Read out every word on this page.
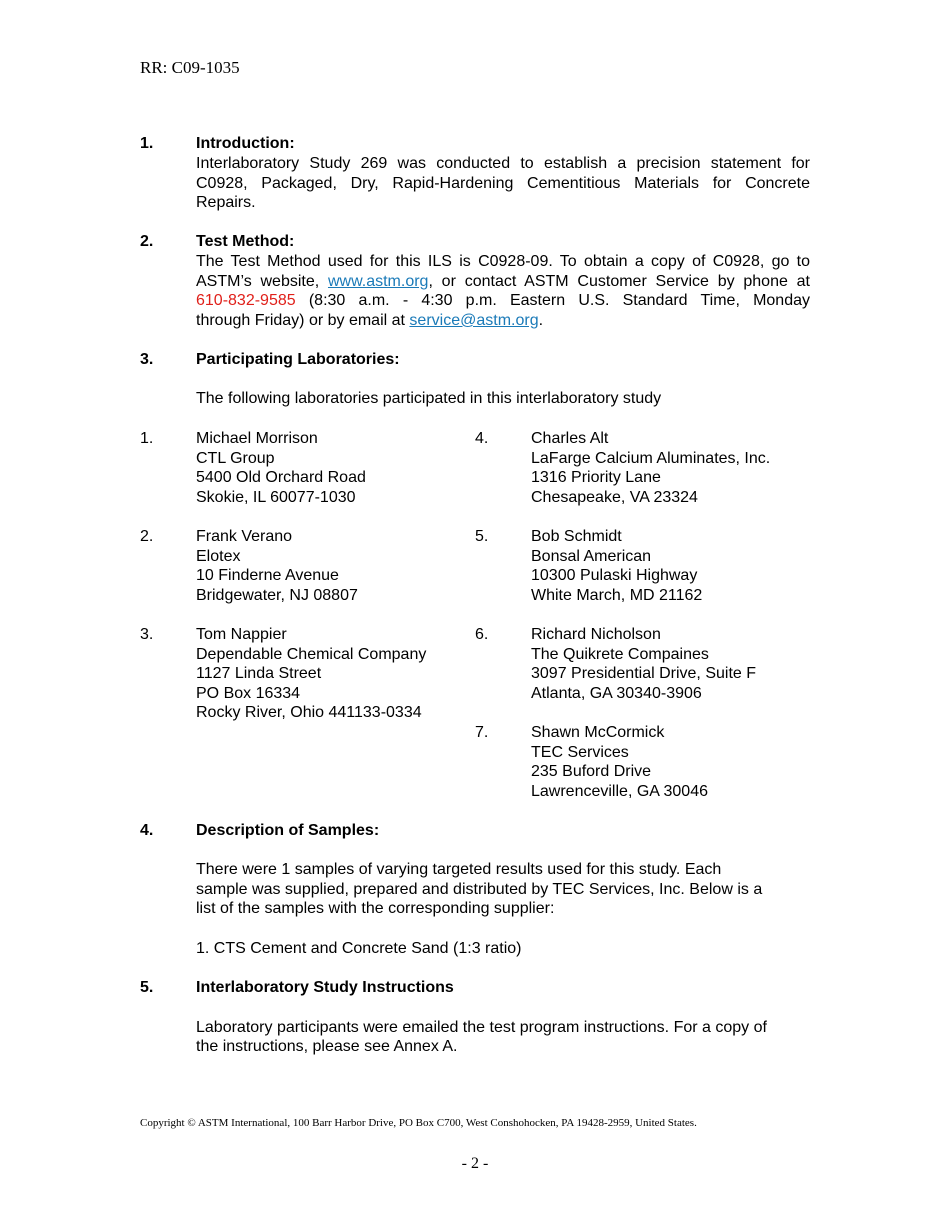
RR: C09-1035
1.	Introduction:
Interlaboratory Study 269 was conducted to establish a precision statement for
C0928, Packaged, Dry, Rapid-Hardening Cementitious Materials for Concrete
Repairs.
2.	Test Method:
The Test Method used for this ILS is C0928-09. To obtain a copy of C0928, go to
ASTM’s website, www.astm.org, or contact ASTM Customer Service by phone at
610-832-9585 (8:30 a.m. - 4:30 p.m. Eastern U.S. Standard Time, Monday
through Friday) or by email at service@astm.org.
3.	Participating Laboratories:
The following laboratories participated in this interlaboratory study
1.	Michael Morrison
CTL Group
5400 Old Orchard Road
Skokie, IL 60077-1030
2.	Frank Verano
Elotex
10 Finderne Avenue
Bridgewater, NJ 08807
3.	Tom Nappier
Dependable Chemical Company
1127 Linda Street
PO Box 16334
Rocky River, Ohio 441133-0334
4.	Charles Alt
LaFarge Calcium Aluminates, Inc.
1316 Priority Lane
Chesapeake, VA 23324
5.	Bob Schmidt
Bonsal American
10300 Pulaski Highway
White March, MD 21162
6.	Richard Nicholson
The Quikrete Compaines
3097 Presidential Drive, Suite F
Atlanta, GA 30340-3906
7.	Shawn McCormick
TEC Services
235 Buford Drive
Lawrenceville, GA 30046
4.	Description of Samples:
There were 1 samples of varying targeted results used for this study. Each
sample was supplied, prepared and distributed by TEC Services, Inc. Below is a
list of the samples with the corresponding supplier:
1. CTS Cement and Concrete Sand (1:3 ratio)
5.	Interlaboratory Study Instructions
Laboratory participants were emailed the test program instructions. For a copy of
the instructions, please see Annex A.
Copyright © ASTM International, 100 Barr Harbor Drive, PO Box C700, West Conshohocken, PA 19428-2959, United States.
- 2 -
